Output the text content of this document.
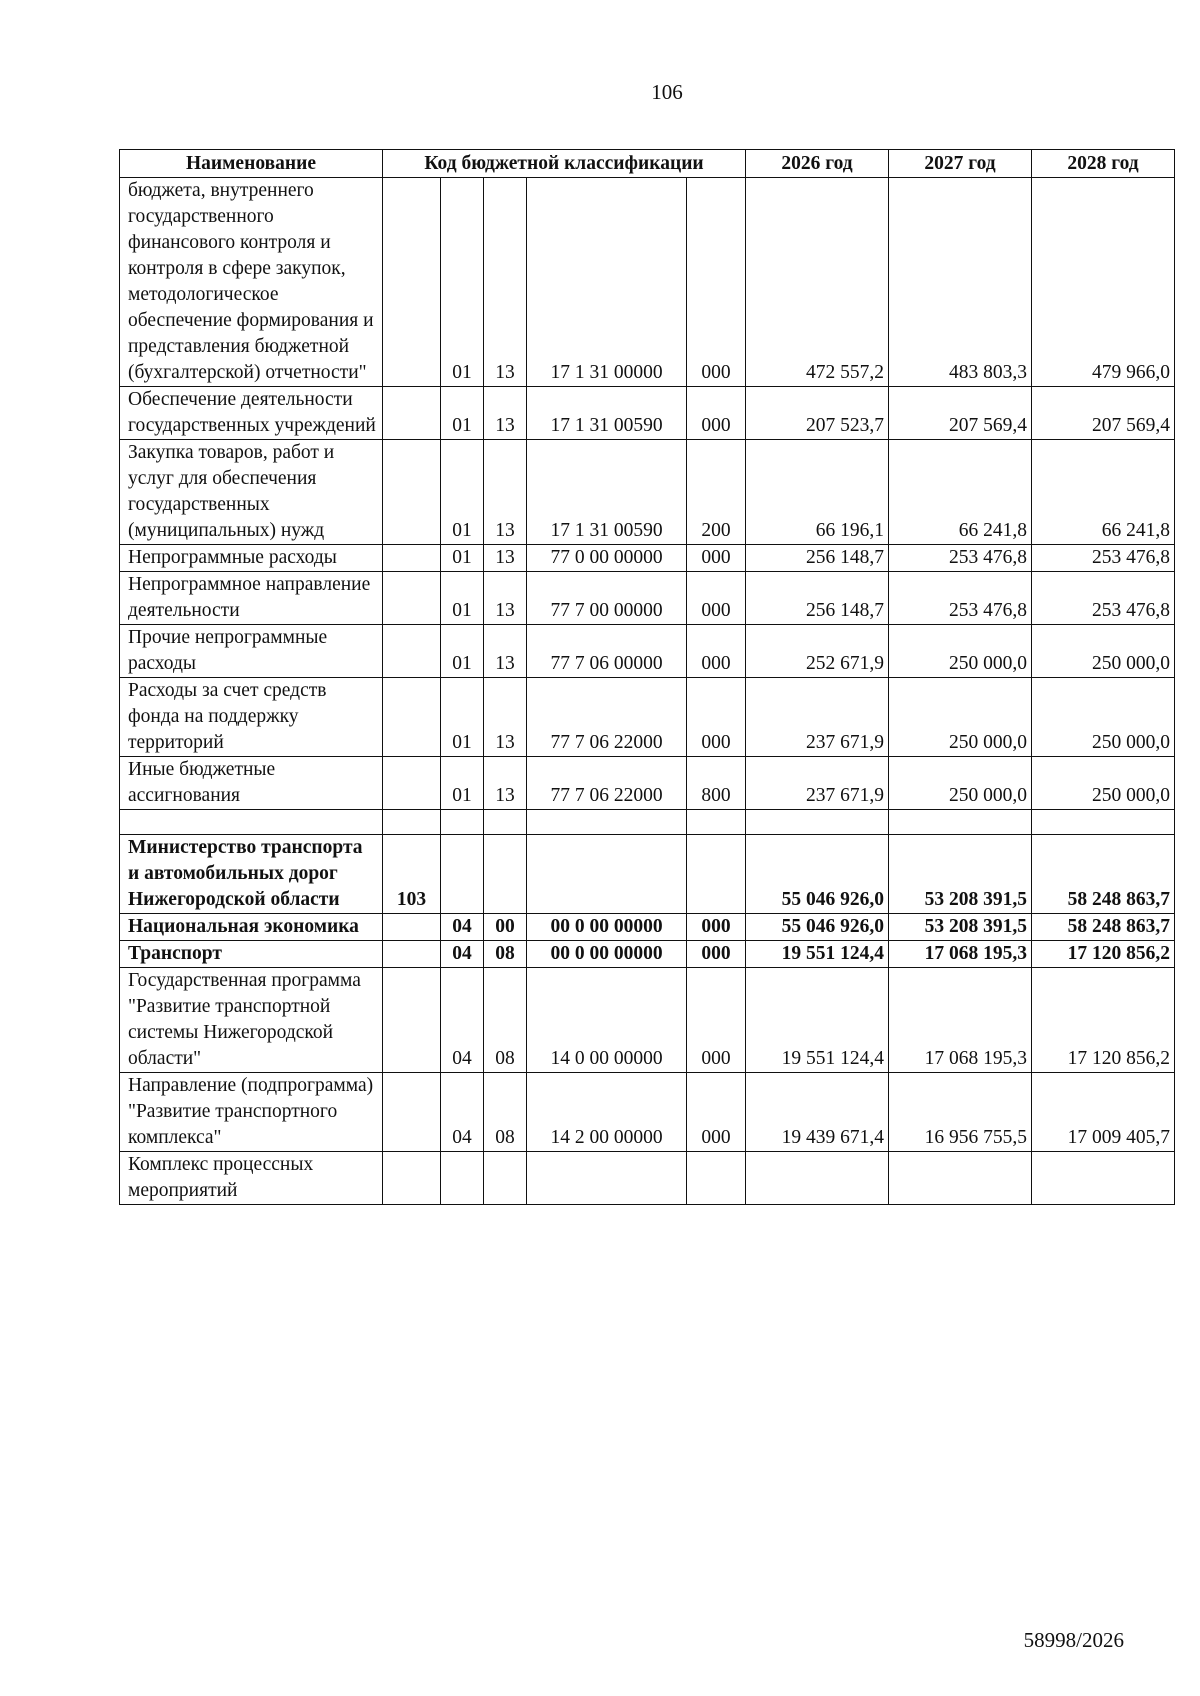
106
Наименование	Код бюджетной классификации					2026 год	2027 год	2028 год
бюджета, внутреннего государственного финансового контроля и контроля в сфере закупок, методологическое обеспечение формирования и представления бюджетной (бухгалтерской) отчетности"		01	13	17 1 31 00000	000	472 557,2	483 803,3	479 966,0
Обеспечение деятельности государственных учреждений		01	13	17 1 31 00590	000	207 523,7	207 569,4	207 569,4
Закупка товаров, работ и услуг для обеспечения государственных (муниципальных) нужд		01	13	17 1 31 00590	200	66 196,1	66 241,8	66 241,8
Непрограммные расходы		01	13	77 0 00 00000	000	256 148,7	253 476,8	253 476,8
Непрограммное направление деятельности		01	13	77 7 00 00000	000	256 148,7	253 476,8	253 476,8
Прочие непрограммные расходы		01	13	77 7 06 00000	000	252 671,9	250 000,0	250 000,0
Расходы за счет средств фонда на поддержку территорий		01	13	77 7 06 22000	000	237 671,9	250 000,0	250 000,0
Иные бюджетные ассигнования		01	13	77 7 06 22000	800	237 671,9	250 000,0	250 000,0

Министерство транспорта и автомобильных дорог Нижегородской области	103					55 046 926,0	53 208 391,5	58 248 863,7
Национальная экономика		04	00	00 0 00 00000	000	55 046 926,0	53 208 391,5	58 248 863,7
Транспорт		04	08	00 0 00 00000	000	19 551 124,4	17 068 195,3	17 120 856,2
Государственная программа "Развитие транспортной системы Нижегородской области"		04	08	14 0 00 00000	000	19 551 124,4	17 068 195,3	17 120 856,2
Направление (подпрограмма) "Развитие транспортного комплекса"		04	08	14 2 00 00000	000	19 439 671,4	16 956 755,5	17 009 405,7
Комплекс процессных мероприятий								
58998/2026
